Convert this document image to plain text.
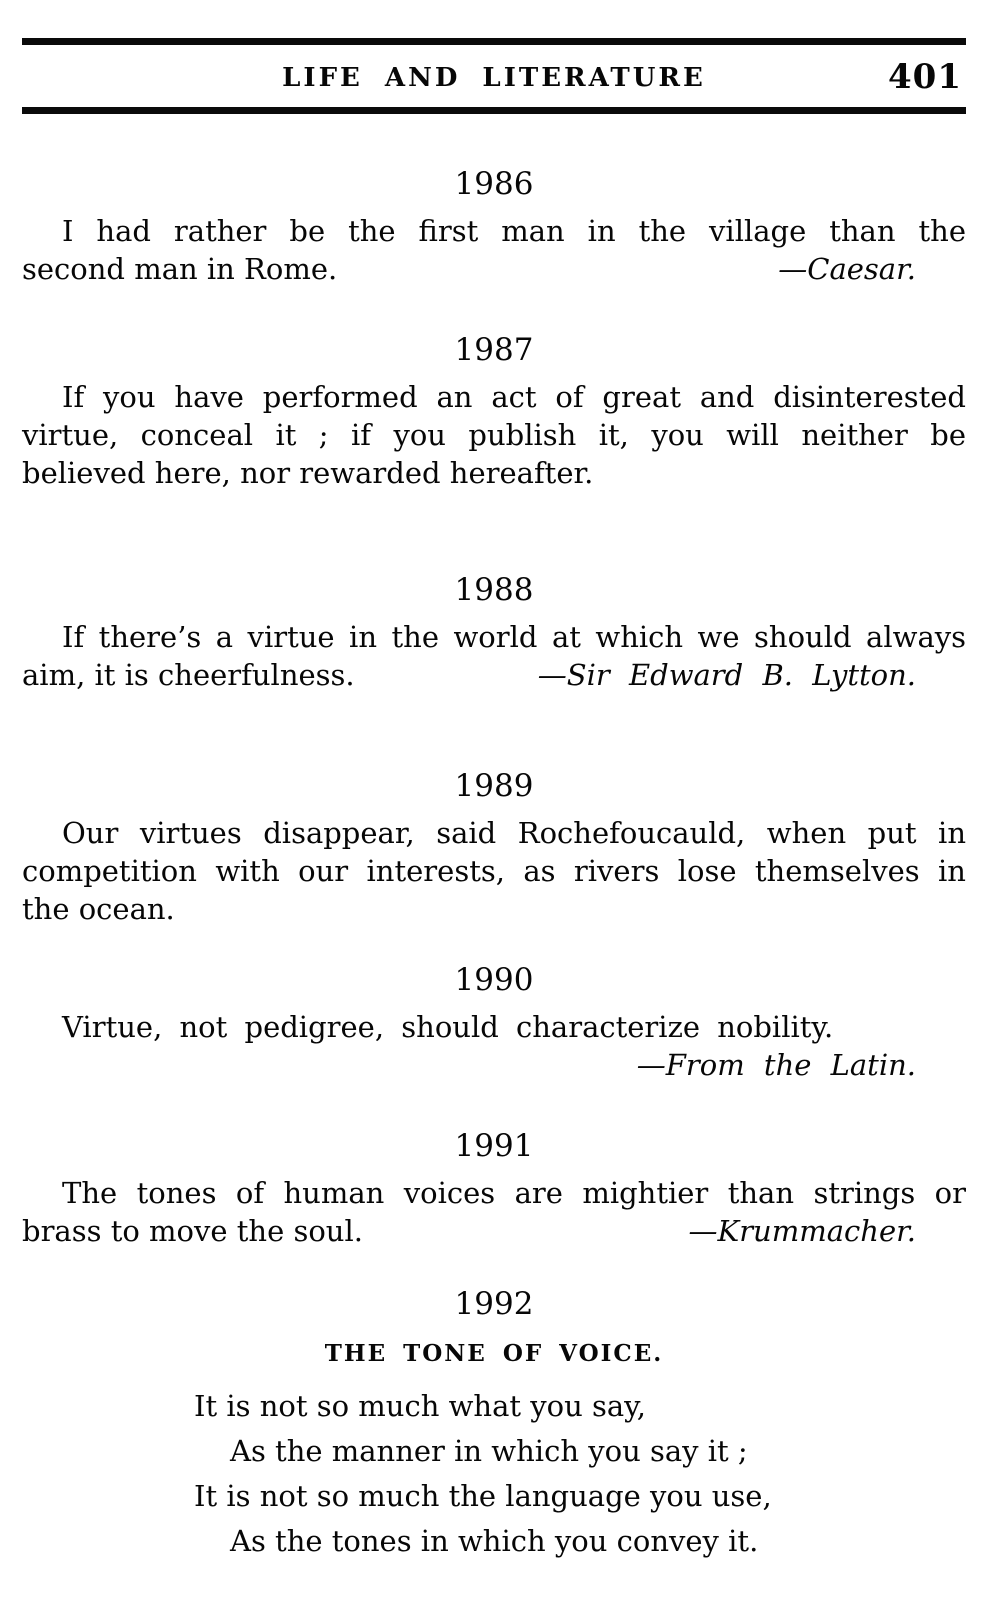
LIFE AND LITERATURE	401
1986

I had rather be the first man in the village than the

second man in Rome.	—Caesar.
1987

If you have performed an act of great and disinterested

virtue, conceal it ; if you publish it, you will neither be

believed here, nor rewarded hereafter.

1988

If there’s a virtue in the world at which we should always

aim, it is cheerfulness.	—Sir Edward B. Lytton.
1989

Our virtues disappear, said Rochefoucauld, when put in

competition with our interests, as rivers lose themselves in

the ocean.

1990

Virtue, not pedigree, should characterize nobility.

—From the Latin.

1991

The tones of human voices are mightier than strings or

brass to move the soul.	—Krummacher.
1992
THE TONE OF VOICE.

It is not so much what you say,

As the manner in which you say it ;

It is not so much the language you use,

As the tones in which you convey it.
